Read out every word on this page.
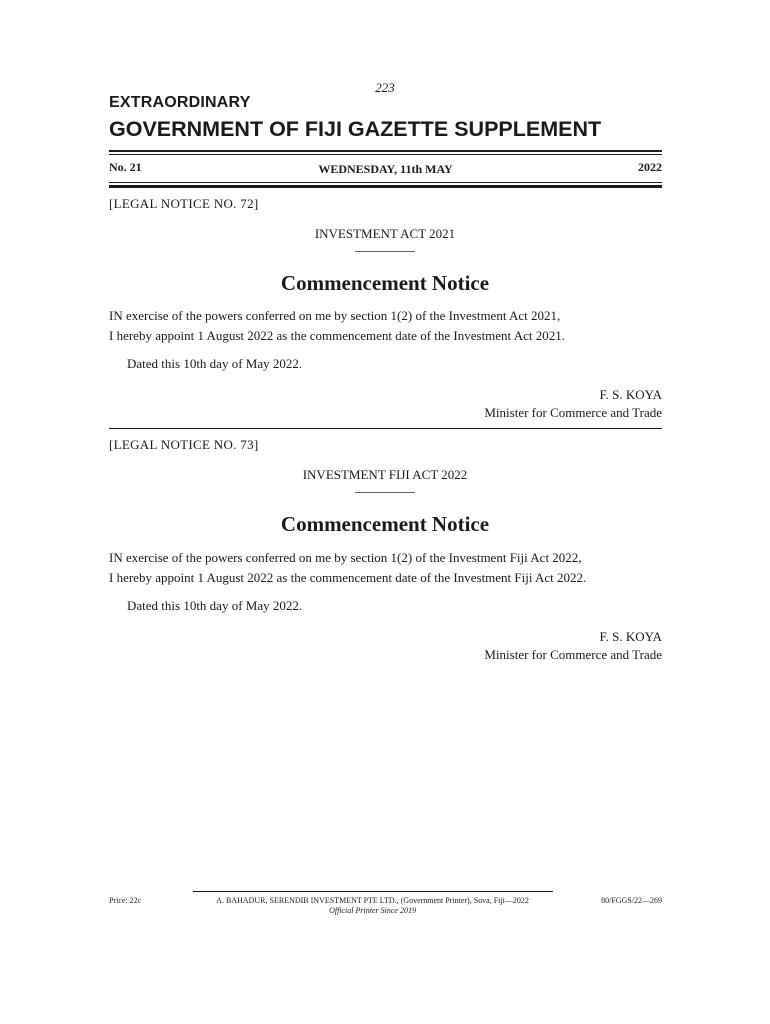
223
EXTRAORDINARY
GOVERNMENT OF FIJI GAZETTE SUPPLEMENT
No. 21	WEDNESDAY, 11th MAY	2022
[LEGAL NOTICE NO. 72]
INVESTMENT ACT 2021
Commencement Notice
IN exercise of the powers conferred on me by section 1(2) of the Investment Act 2021,
I hereby appoint 1 August 2022 as the commencement date of the Investment Act 2021.
Dated this 10th day of May 2022.
F. S. KOYA
Minister for Commerce and Trade
[LEGAL NOTICE NO. 73]
INVESTMENT FIJI ACT 2022
Commencement Notice
IN exercise of the powers conferred on me by section 1(2) of the Investment Fiji Act 2022,
I hereby appoint 1 August 2022 as the commencement date of the Investment Fiji Act 2022.
Dated this 10th day of May 2022.
F. S. KOYA
Minister for Commerce and Trade
Price: 22c	A. BAHADUR, SERENDIB INVESTMENT PTE LTD., (Government Printer), Suva, Fiji—2022
Official Printer Since 2019
80/FGGS/22—269
